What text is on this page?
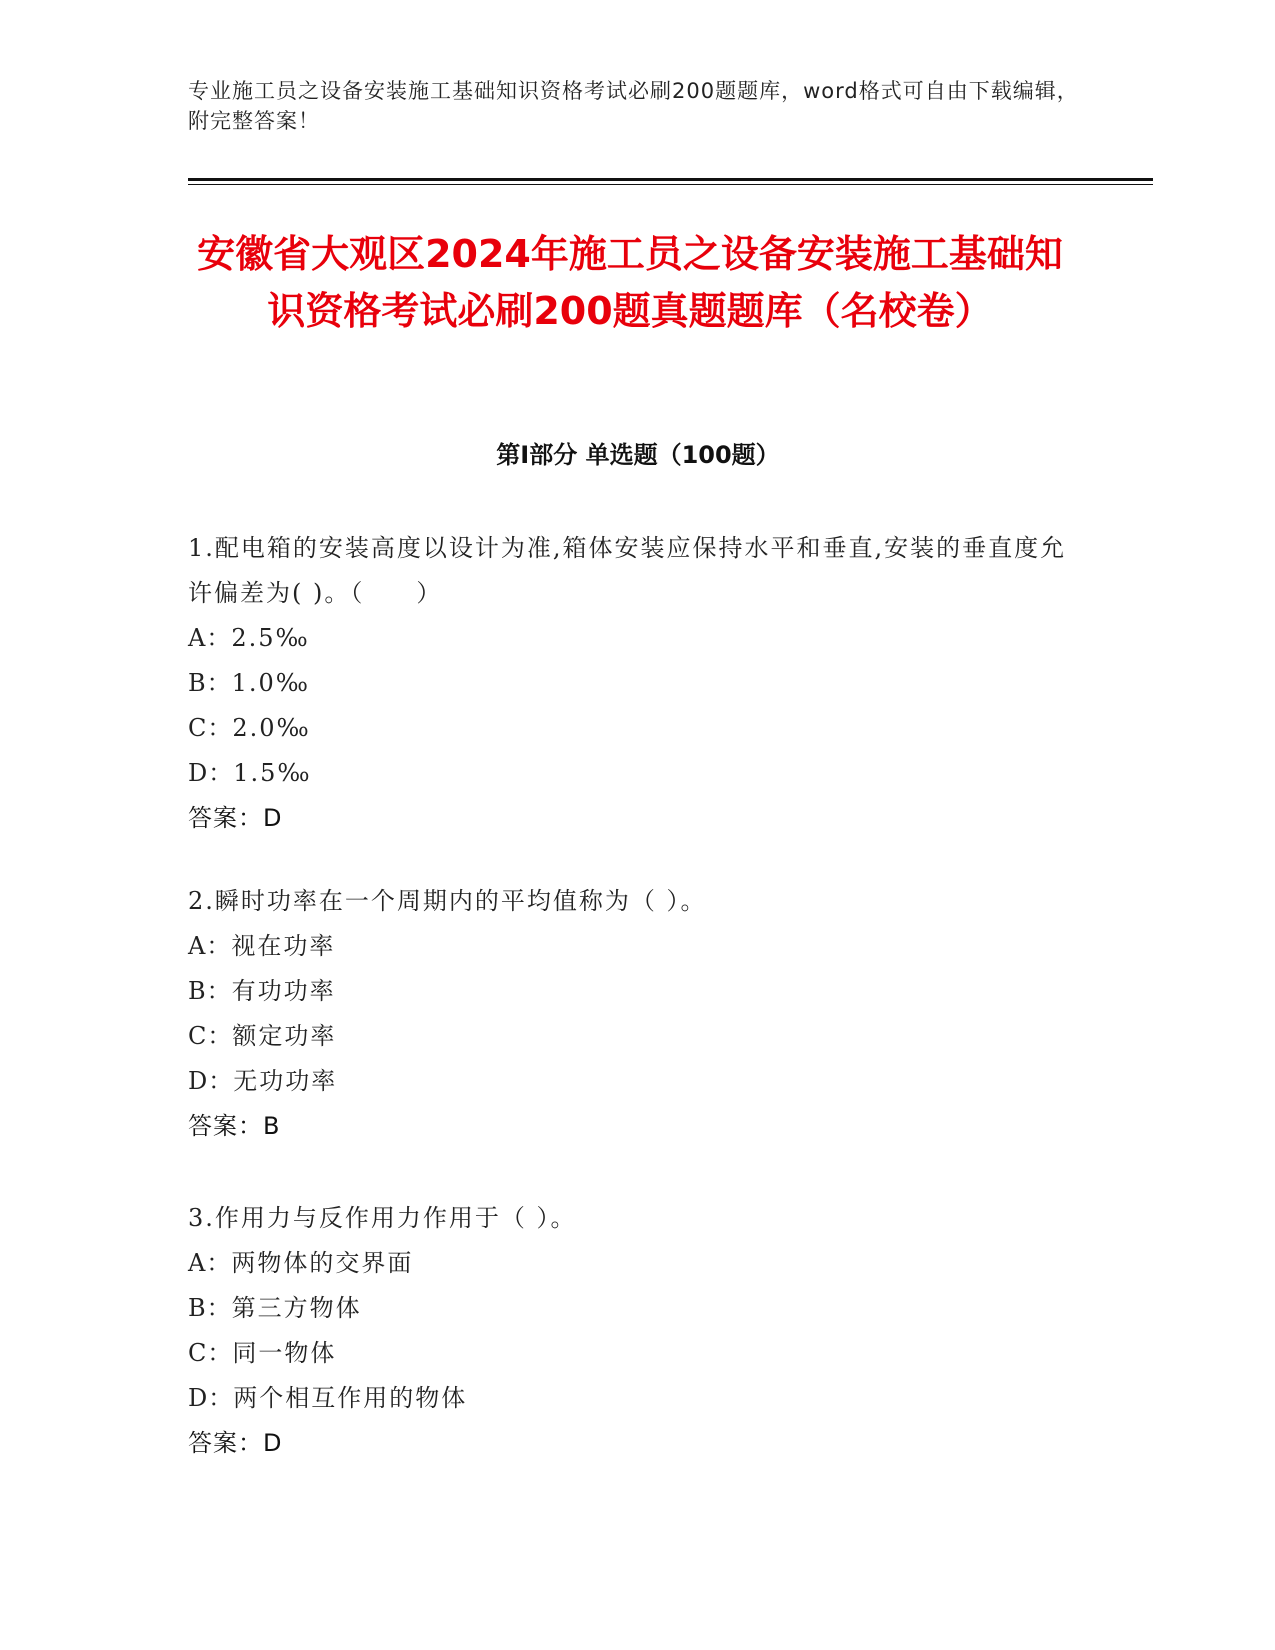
专业施工员之设备安装施工基础知识资格考试必刷200题题库，word格式可自由下载编辑，附完整答案！
安徽省大观区2024年施工员之设备安装施工基础知识资格考试必刷200题真题题库（名校卷）
第I部分 单选题（100题）
1.配电箱的安装高度以设计为准,箱体安装应保持水平和垂直,安装的垂直度允许偏差为( )。（　　）
A：2.5‰
B：1.0‰
C：2.0‰
D：1.5‰
答案：D
2.瞬时功率在一个周期内的平均值称为（ ）。
A：视在功率
B：有功功率
C：额定功率
D：无功功率
答案：B
3.作用力与反作用力作用于（ ）。
A：两物体的交界面
B：第三方物体
C：同一物体
D：两个相互作用的物体
答案：D
